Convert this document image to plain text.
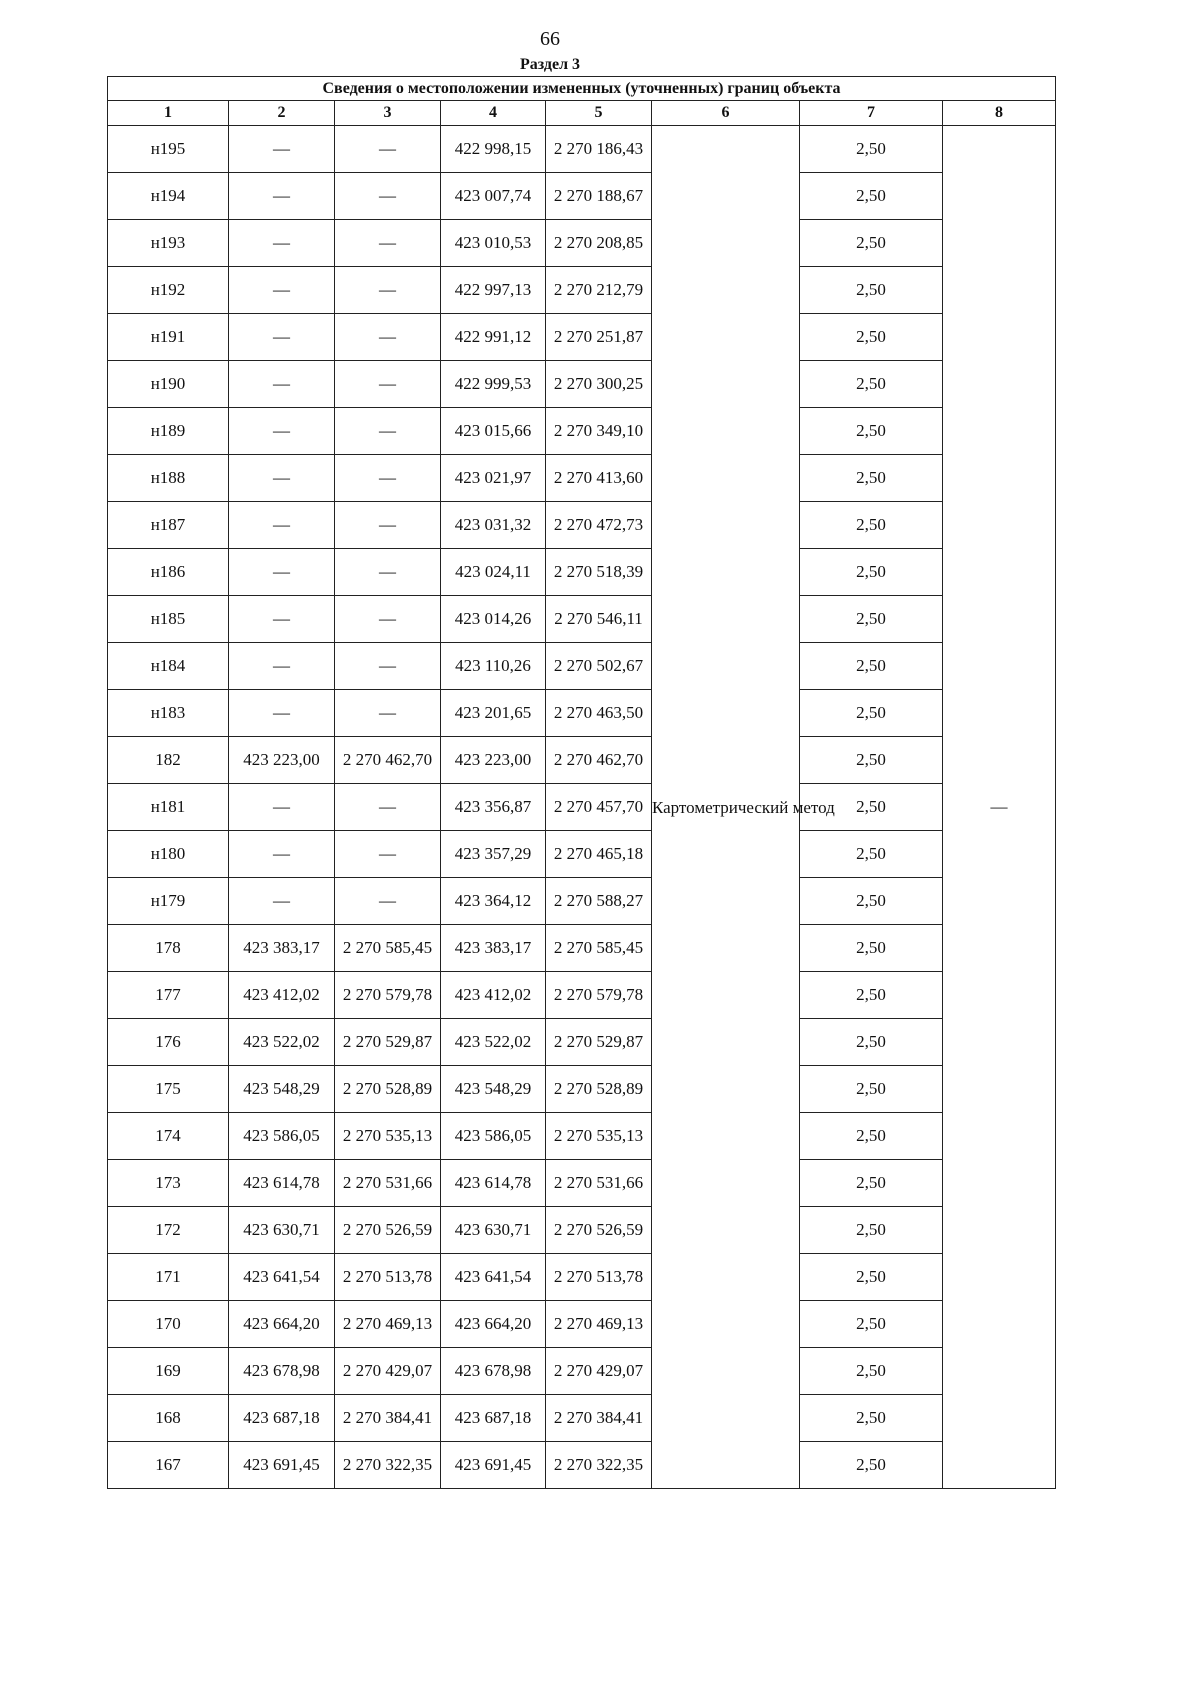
66
Раздел 3
Сведения о местоположении измененных (уточненных) границ объекта							
1	2	3	4	5	6	7	8
н195	—	—	422 998,15	2 270 186,43	Картометрический метод	2,50	—
н194	—	—	423 007,74	2 270 188,67		2,50	
н193	—	—	423 010,53	2 270 208,85		2,50	
н192	—	—	422 997,13	2 270 212,79		2,50	
н191	—	—	422 991,12	2 270 251,87		2,50	
н190	—	—	422 999,53	2 270 300,25		2,50	
н189	—	—	423 015,66	2 270 349,10		2,50	
н188	—	—	423 021,97	2 270 413,60		2,50	
н187	—	—	423 031,32	2 270 472,73		2,50	
н186	—	—	423 024,11	2 270 518,39		2,50	
н185	—	—	423 014,26	2 270 546,11		2,50	
н184	—	—	423 110,26	2 270 502,67		2,50	
н183	—	—	423 201,65	2 270 463,50		2,50	
182	423 223,00	2 270 462,70	423 223,00	2 270 462,70		2,50	
н181	—	—	423 356,87	2 270 457,70		2,50	
н180	—	—	423 357,29	2 270 465,18		2,50	
н179	—	—	423 364,12	2 270 588,27		2,50	
178	423 383,17	2 270 585,45	423 383,17	2 270 585,45		2,50	
177	423 412,02	2 270 579,78	423 412,02	2 270 579,78		2,50	
176	423 522,02	2 270 529,87	423 522,02	2 270 529,87		2,50	
175	423 548,29	2 270 528,89	423 548,29	2 270 528,89		2,50	
174	423 586,05	2 270 535,13	423 586,05	2 270 535,13		2,50	
173	423 614,78	2 270 531,66	423 614,78	2 270 531,66		2,50	
172	423 630,71	2 270 526,59	423 630,71	2 270 526,59		2,50	
171	423 641,54	2 270 513,78	423 641,54	2 270 513,78		2,50	
170	423 664,20	2 270 469,13	423 664,20	2 270 469,13		2,50	
169	423 678,98	2 270 429,07	423 678,98	2 270 429,07		2,50	
168	423 687,18	2 270 384,41	423 687,18	2 270 384,41		2,50	
167	423 691,45	2 270 322,35	423 691,45	2 270 322,35		2,50	
